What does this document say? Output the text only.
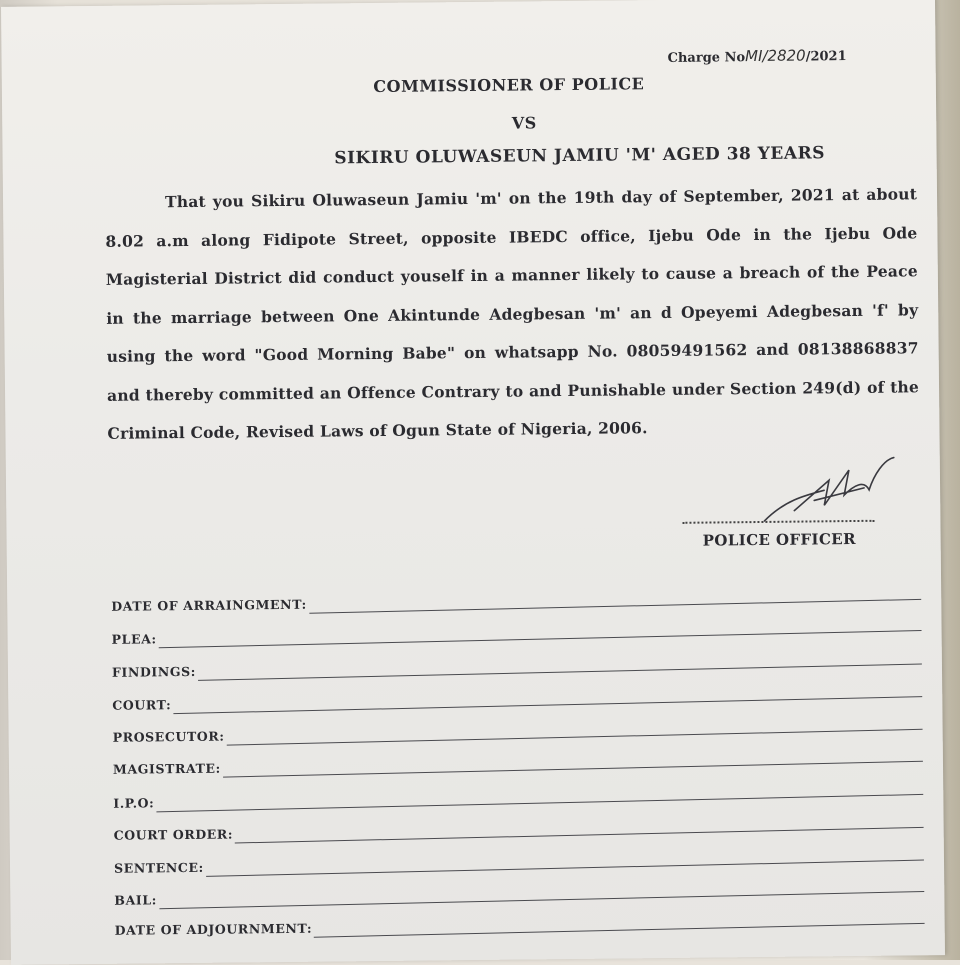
Charge NoMI/2820/2021
COMMISSIONER OF POLICE
VS
SIKIRU OLUWASEUN JAMIU 'M' AGED 38 YEARS
That you Sikiru Oluwaseun Jamiu 'm' on the 19th day of September, 2021 at about 8.02 a.m along Fidipote Street, opposite IBEDC office, Ijebu Ode in the Ijebu Ode Magisterial District did conduct youself in a manner likely to cause a breach of the Peace in the marriage between One Akintunde Adegbesan 'm' an d Opeyemi Adegbesan 'f' by using the word "Good Morning Babe" on whatsapp No. 08059491562 and 08138868837 and thereby committed an Offence Contrary to and Punishable under Section 249(d) of the Criminal Code, Revised Laws of Ogun State of Nigeria, 2006.
POLICE OFFICER
DATE OF ARRAINGMENT:
PLEA:
FINDINGS:
COURT:
PROSECUTOR:
MAGISTRATE:
I.P.O:
COURT ORDER:
SENTENCE:
BAIL:
DATE OF ADJOURNMENT:
